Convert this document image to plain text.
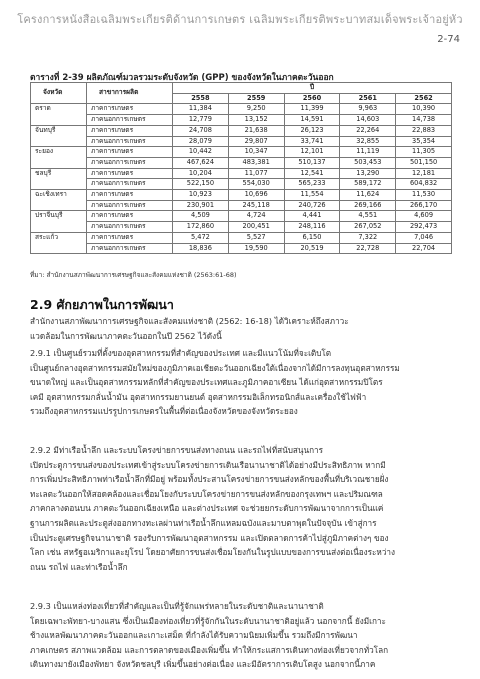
โครงการหนังสือเฉลิมพระเกียรติด้านการเกษตร เฉลิมพระเกียรติพระบาทสมเด็จพระเจ้าอยู่หัว
2-74
ตารางที่ 2-39 ผลิตภัณฑ์มวลรวมระดับจังหวัด (GPP) ของจังหวัดในภาคตะวันออก
จังหวัด	สาขาการผลิต	ปี				
		2558	2559	2560	2561	2562
ตราด	ภาคการเกษตร	11,384	9,250	11,399	9,963	10,390
	ภาคนอกการเกษตร	12,779	13,152	14,591	14,603	14,738
จันทบุรี	ภาคการเกษตร	24,708	21,638	26,123	22,264	22,883
	ภาคนอกการเกษตร	28,079	29,807	33,741	32,855	35,354
ระยอง	ภาคการเกษตร	10,442	10,347	12,101	11,119	11,305
	ภาคนอกการเกษตร	467,624	483,381	510,137	503,453	501,150
ชลบุรี	ภาคการเกษตร	10,204	11,077	12,541	13,290	12,181
	ภาคนอกการเกษตร	522,150	554,030	565,233	589,172	604,832
ฉะเชิงเทรา	ภาคการเกษตร	10,923	10,696	11,554	11,624	11,530
	ภาคนอกการเกษตร	230,901	245,118	240,726	269,166	266,170
ปราจีนบุรี	ภาคการเกษตร	4,509	4,724	4,441	4,551	4,609
	ภาคนอกการเกษตร	172,860	200,451	248,116	267,052	292,473
สระแก้ว	ภาคการเกษตร	5,472	5,527	6,150	7,322	7,046
	ภาคนอกการเกษตร	18,836	19,590	20,519	22,728	22,704
ที่มา: สำนักงานสภาพัฒนาการเศรษฐกิจและสังคมแห่งชาติ (2563:61-68)
2.9 ศักยภาพในการพัฒนา
สำนักงานสภาพัฒนาการเศรษฐกิจและสังคมแห่งชาติ (2562: 16-18) ได้วิเคราะห์ถึงสภาวะ
แวดล้อมในการพัฒนาภาคตะวันออกในปี 2562 ไว้ดังนี้
2.9.1 เป็นศูนย์รวมที่ตั้งของอุตสาหกรรมที่สำคัญของประเทศ และมีแนวโน้มที่จะเติบโต
เป็นศูนย์กลางอุตสาหกรรมสมัยใหม่ของภูมิภาคเอเชียตะวันออกเฉียงใต้เนื่องจากได้มีการลงทุนอุตสาหกรรม
ขนาดใหญ่ และเป็นอุตสาหกรรมหลักที่สำคัญของประเทศและภูมิภาคอาเซียน ได้แก่อุตสาหกรรมปิโตร
เคมี อุตสาหกรรมกลั่นน้ำมัน อุตสาหกรรมยานยนต์ อุตสาหกรรมอิเล็กทรอนิกส์และเครื่องใช้ไฟฟ้า
รวมถึงอุตสาหกรรมแปรรูปการเกษตรในพื้นที่ต่อเนื่องจังหวัดของจังหวัดระยอง
2.9.2 มีท่าเรือน้ำลึก และระบบโครงข่ายการขนส่งทางถนน และรถไฟที่สนับสนุนการ
เปิดประตูการขนส่งของประเทศเข้าสู่ระบบโครงข่ายการเดินเรือนานาชาติได้อย่างมีประสิทธิภาพ หากมี
การเพิ่มประสิทธิภาพท่าเรือน้ำลึกที่มีอยู่ พร้อมทั้งประสานโครงข่ายการขนส่งหลักของพื้นที่บริเวณชายฝั่ง
ทะเลตะวันออกให้สอดคล้องและเชื่อมโยงกับระบบโครงข่ายการขนส่งหลักของกรุงเทพฯ และปริมณฑล
ภาคกลางตอนบน ภาคตะวันออกเฉียงเหนือ และต่างประเทศ จะช่วยยกระดับการพัฒนาจากการเป็นแค่
ฐานการผลิตและประตูส่งออกทางทะเลผ่านท่าเรือน้ำลึกแหลมฉบังและมาบตาพุดในปัจจุบัน เข้าสู่การ
เป็นประตูเศรษฐกิจนานาชาติ รองรับการพัฒนาอุตสาหกรรม และเปิดตลาดการค้าไปสู่ภูมิภาคต่างๆ ของ
โลก เช่น สหรัฐอเมริกาและยุโรป โดยอาศัยการขนส่งเชื่อมโยงกันในรูปแบบของการขนส่งต่อเนื่องระหว่าง
ถนน รถไฟ และท่าเรือน้ำลึก
2.9.3 เป็นแหล่งท่องเที่ยวที่สำคัญและเป็นที่รู้จักแพร่หลายในระดับชาติและนานาชาติ
โดยเฉพาะพัทยา-บางแสน ซึ่งเป็นเมืองท่องเที่ยวที่รู้จักกันในระดับนานาชาติอยู่แล้ว นอกจากนี้ ยังมีเกาะ
ช้างแหลพัฒนาภาคตะวันออกและเกาะเสม็ด ที่กำลังได้รับความนิยมเพิ่มขึ้น รวมถึงมีการพัฒนา
ภาคเกษตร สภาพแวดล้อม และการตลาดของเมืองเพิ่มขึ้น ทำให้กระแสการเดินทางท่องเที่ยวจากทั่วโลก
เดินทางมายังเมืองพัทยา จังหวัดชลบุรี เพิ่มขึ้นอย่างต่อเนื่อง และมีอัตราการเติบโตสูง นอกจากนี้ภาค
